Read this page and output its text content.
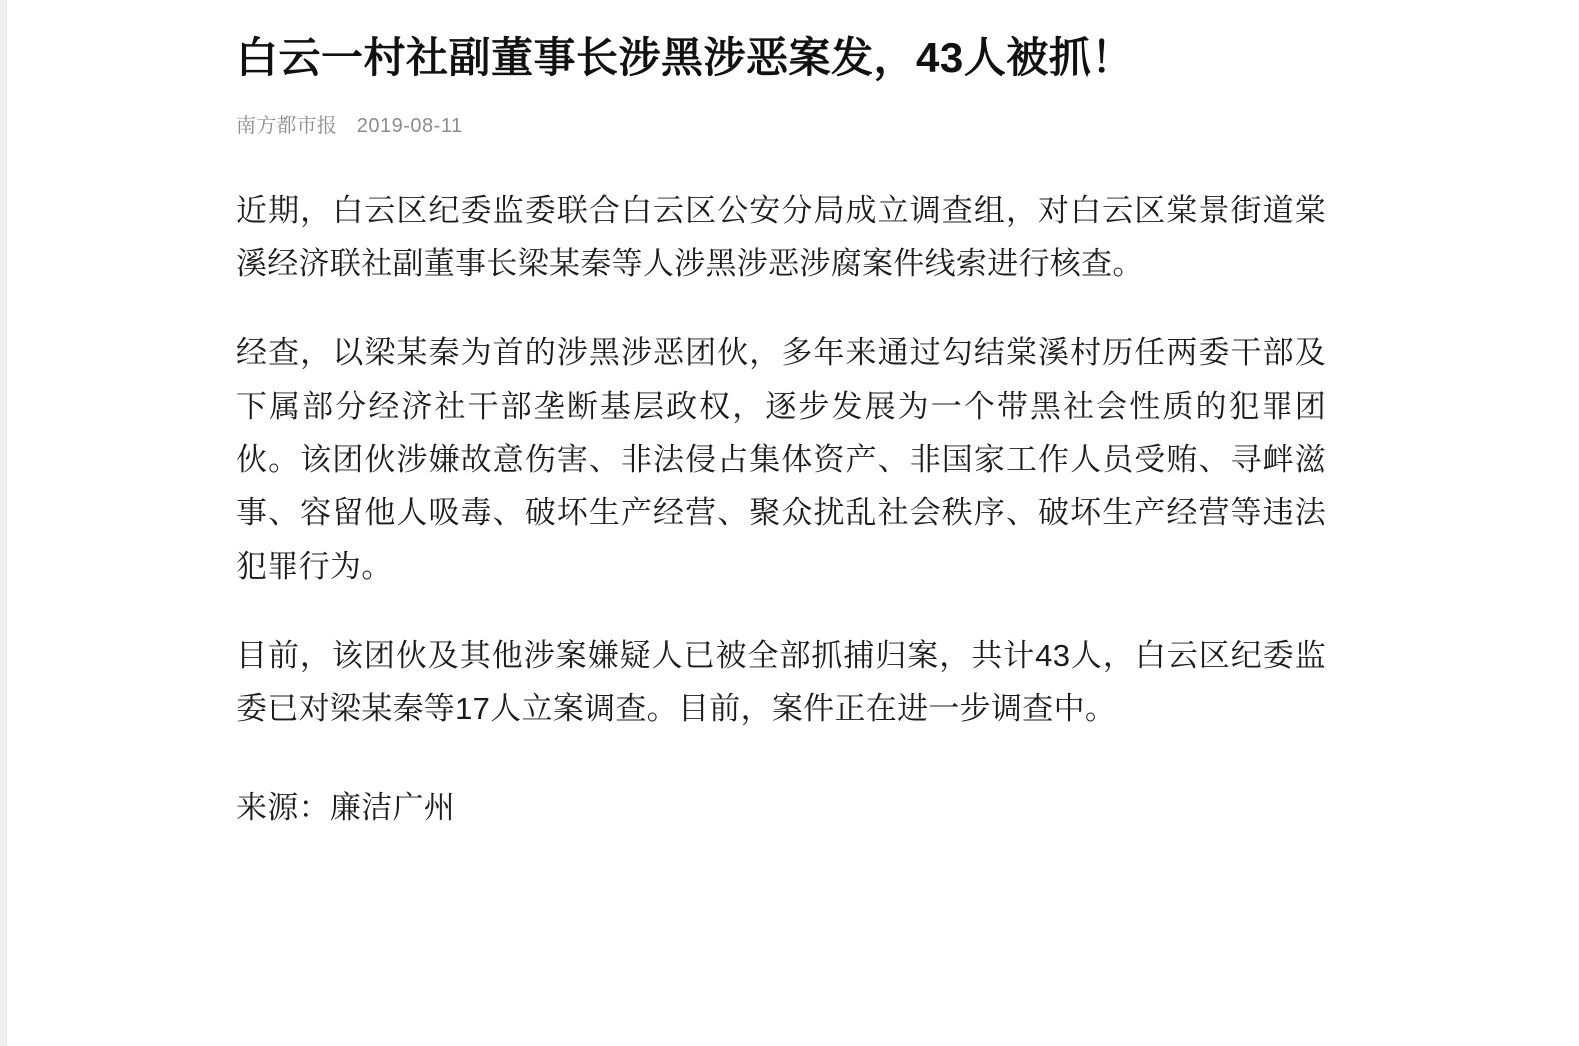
白云一村社副董事长涉黑涉恶案发，43人被抓！
南方都市报 2019-08-11

近期，白云区纪委监委联合白云区公安分局成立调查组，对白云区棠景街道棠溪经济联社副董事长梁某秦等人涉黑涉恶涉腐案件线索进行核查。

经查，以梁某秦为首的涉黑涉恶团伙，多年来通过勾结棠溪村历任两委干部及下属部分经济社干部垄断基层政权，逐步发展为一个带黑社会性质的犯罪团伙。该团伙涉嫌故意伤害、非法侵占集体资产、非国家工作人员受贿、寻衅滋事、容留他人吸毒、破坏生产经营、聚众扰乱社会秩序、破坏生产经营等违法犯罪行为。

目前，该团伙及其他涉案嫌疑人已被全部抓捕归案，共计43人，白云区纪委监委已对梁某秦等17人立案调查。目前，案件正在进一步调查中。

来源：廉洁广州
